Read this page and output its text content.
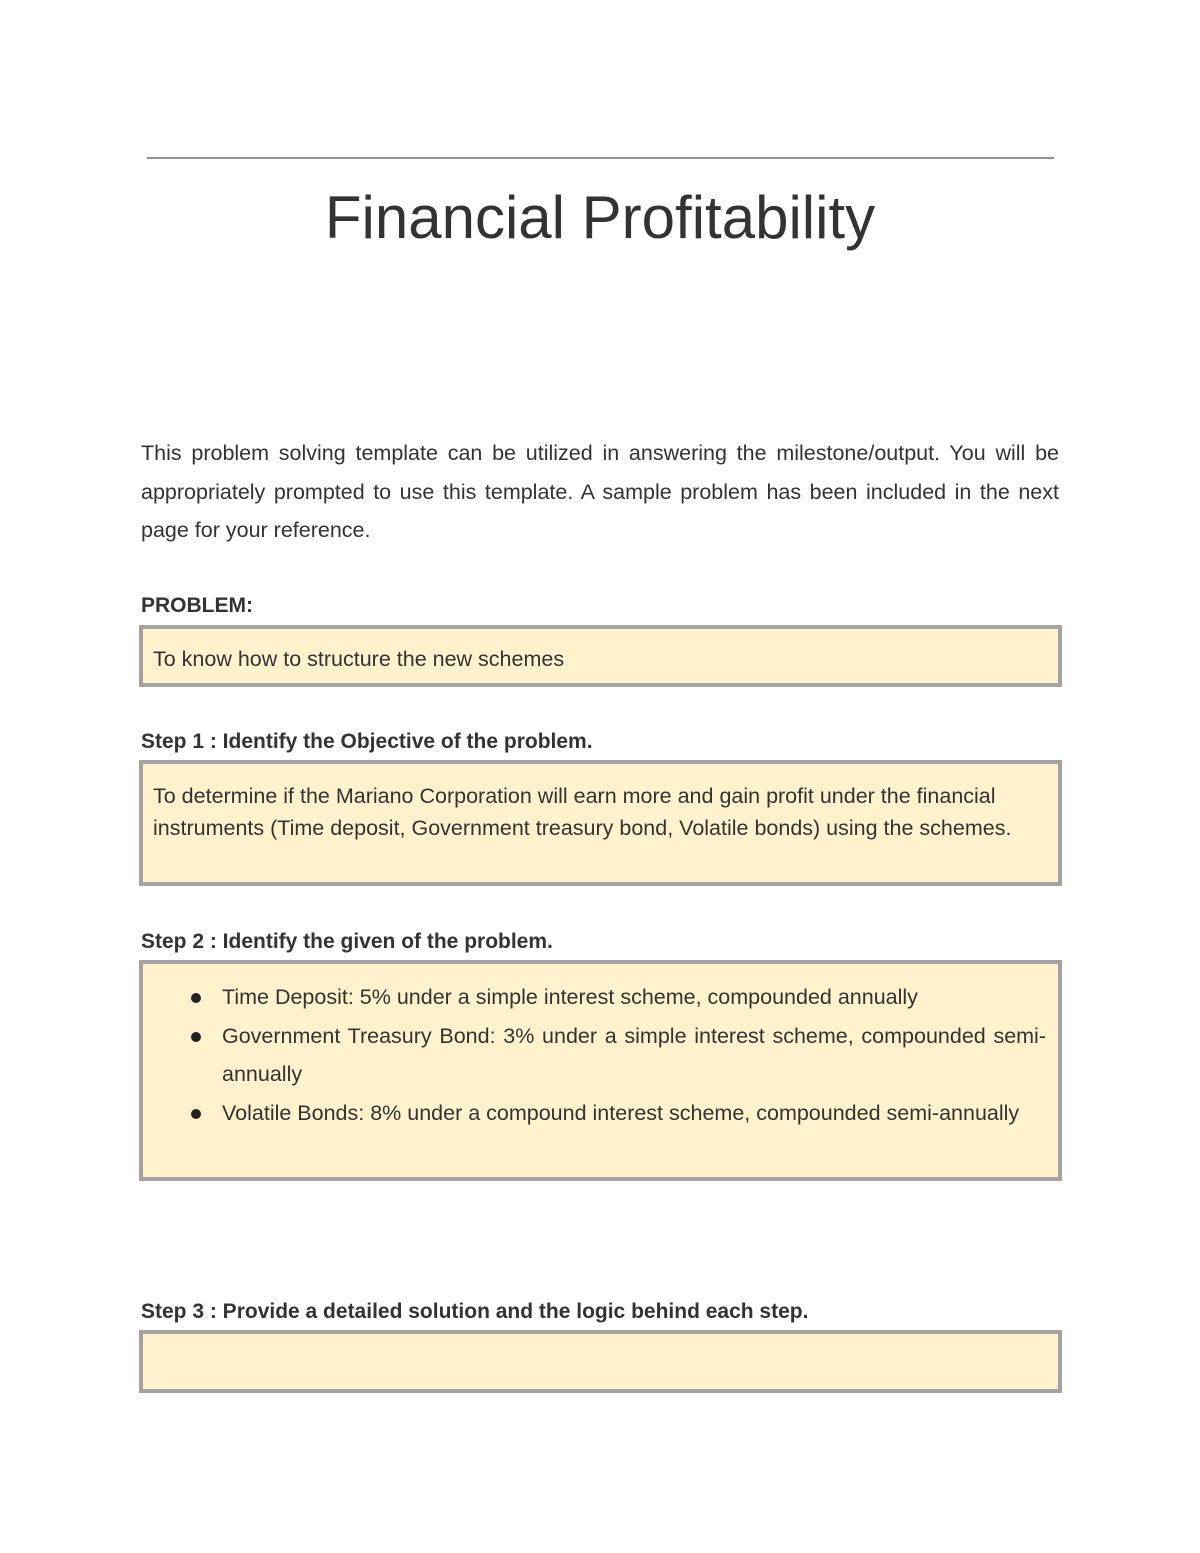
Financial Profitability

This problem solving template can be utilized in answering the milestone/output. You will be appropriately prompted to use this template. A sample problem has been included in the next page for your reference.

PROBLEM:
To know how to structure the new schemes
Step 1 : Identify the Objective of the problem.
To determine if the Mariano Corporation will earn more and gain profit under the financial instruments (Time deposit, Government treasury bond, Volatile bonds) using the schemes.
Step 2 : Identify the given of the problem.
Time Deposit: 5% under a simple interest scheme, compounded annually
Government Treasury Bond: 3% under a simple interest scheme, compounded semi-annually
Volatile Bonds: 8% under a compound interest scheme, compounded semi-annually
Step 3 : Provide a detailed solution and the logic behind each step.
